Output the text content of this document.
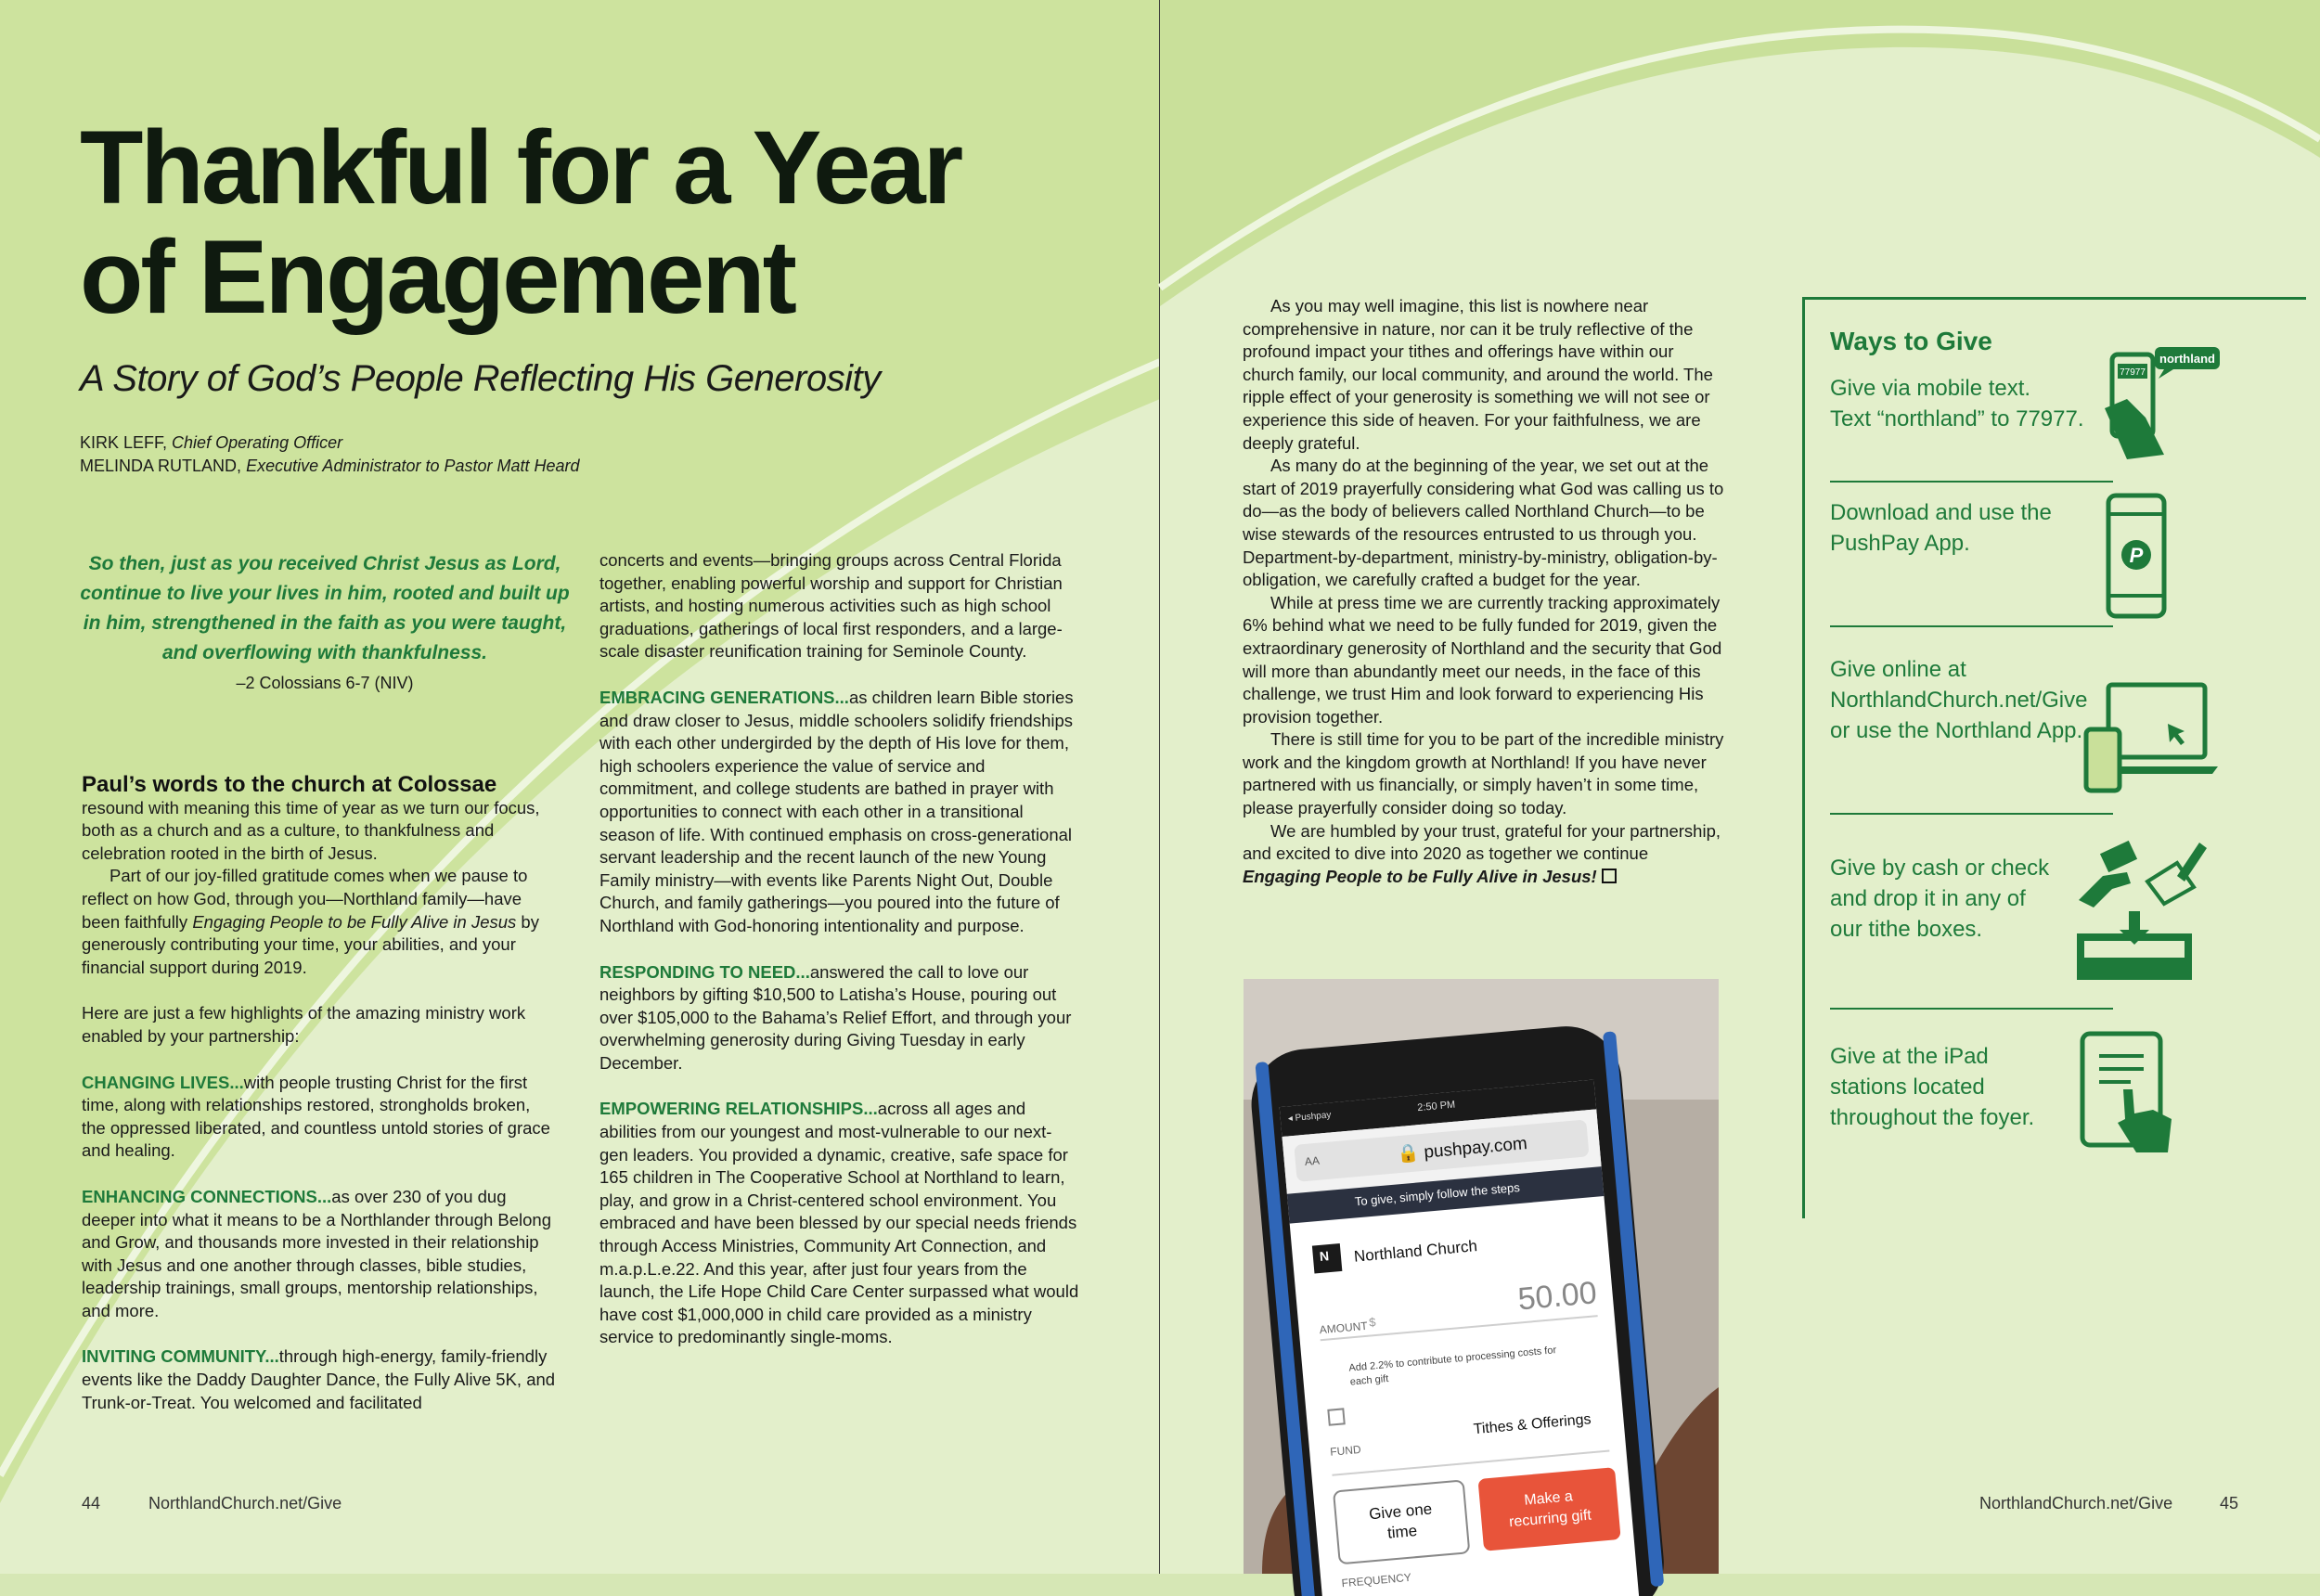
Thankful for a Year
of Engagement
A Story of God’s People Reflecting His Generosity
KIRK LEFF, Chief Operating Officer
MELINDA RUTLAND, Executive Administrator to Pastor Matt Heard
So then, just as you received Christ Jesus as Lord, continue to live your lives in him, rooted and built up in him, strengthened in the faith as you were taught, and overflowing with thankfulness.
–2 Colossians 6-7 (NIV)

Paul’s words to the church at Colossae

resound with meaning this time of year as we turn our focus, both as a church and as a culture, to thankfulness and celebration rooted in the birth of Jesus.

Part of our joy-filled gratitude comes when we pause to reflect on how God, through you—Northland family—have been faithfully Engaging People to be Fully Alive in Jesus by generously contributing your time, your abilities, and your financial support during 2019.

Here are just a few highlights of the amazing ministry work enabled by your partnership:

CHANGING LIVES...with people trusting Christ for the first time, along with relationships restored, strongholds broken, the oppressed liberated, and countless untold stories of grace and healing.

ENHANCING CONNECTIONS...as over 230 of you dug deeper into what it means to be a Northlander through Belong and Grow, and thousands more invested in their relationship with Jesus and one another through classes, bible studies, leadership trainings, small groups, mentorship relationships, and more.

INVITING COMMUNITY...through high-energy, family-friendly events like the Daddy Daughter Dance, the Fully Alive 5K, and Trunk-or-Treat. You welcomed and facilitated

concerts and events—bringing groups across Central Florida together, enabling powerful worship and support for Christian artists, and hosting numerous activities such as high school graduations, gatherings of local first responders, and a large-scale disaster reunification training for Seminole County.

EMBRACING GENERATIONS...as children learn Bible stories and draw closer to Jesus, middle schoolers solidify friendships with each other undergirded by the depth of His love for them, high schoolers experience the value of service and commitment, and college students are bathed in prayer with opportunities to connect with each other in a transitional season of life. With continued emphasis on cross-generational servant leadership and the recent launch of the new Young Family ministry—with events like Parents Night Out, Double Church, and family gatherings—you poured into the future of Northland with God-honoring intentionality and purpose.

RESPONDING TO NEED...answered the call to love our neighbors by gifting $10,500 to Latisha’s House, pouring out over $105,000 to the Bahama’s Relief Effort, and through your overwhelming generosity during Giving Tuesday in early December.

EMPOWERING RELATIONSHIPS...across all ages and abilities from our youngest and most-vulnerable to our next-gen leaders. You provided a dynamic, creative, safe space for 165 children in The Cooperative School at Northland to learn, play, and grow in a Christ-centered school environment. You embraced and have been blessed by our special needs friends through Access Ministries, Community Art Connection, and m.a.p.L.e.22. And this year, after just four years from the launch, the Life Hope Child Care Center surpassed what would have cost $1,000,000 in child care provided as a ministry service to predominantly single-moms.

44	NorthlandChurch.net/Give

As you may well imagine, this list is nowhere near comprehensive in nature, nor can it be truly reflective of the profound impact your tithes and offerings have within our church family, our local community, and around the world. The ripple effect of your generosity is something we will not see or experience this side of heaven. For your faithfulness, we are deeply grateful.

As many do at the beginning of the year, we set out at the start of 2019 prayerfully considering what God was calling us to do—as the body of believers called Northland Church—to be wise stewards of the resources entrusted to us through you. Department-by-department, ministry-by-ministry, obligation-by-obligation, we carefully crafted a budget for the year.

While at press time we are currently tracking approximately 6% behind what we need to be fully funded for 2019, given the extraordinary generosity of Northland and the security that God will more than abundantly meet our needs, in the face of this challenge, we trust Him and look forward to experiencing His provision together.

There is still time for you to be part of the incredible ministry work and the kingdom growth at Northland! If you have never partnered with us financially, or simply haven’t in some time, please prayerfully consider doing so today.

We are humbled by your trust, grateful for your partnership, and excited to dive into 2020 as together we continue Engaging People to be Fully Alive in Jesus!

Ways to Give
Give via mobile text.
Text “northland” to 77977.
Download and use the
PushPay App.
Give online at
NorthlandChurch.net/Give
or use the Northland App.
Give by cash or check
and drop it in any of
our tithe boxes.
Give at the iPad
stations located
throughout the foyer.
77977
northland
P
◂ Pushpay
2:50 PM
AA	🔒 pushpay.com
To give, simply follow the steps
N Northland Church
AMOUNT $
50.00
Add 2.2% to contribute to processing costs for each gift
FUND
Tithes & Offerings
Give one time
Make a recurring gift
FREQUENCY
NorthlandChurch.net/Give	45
